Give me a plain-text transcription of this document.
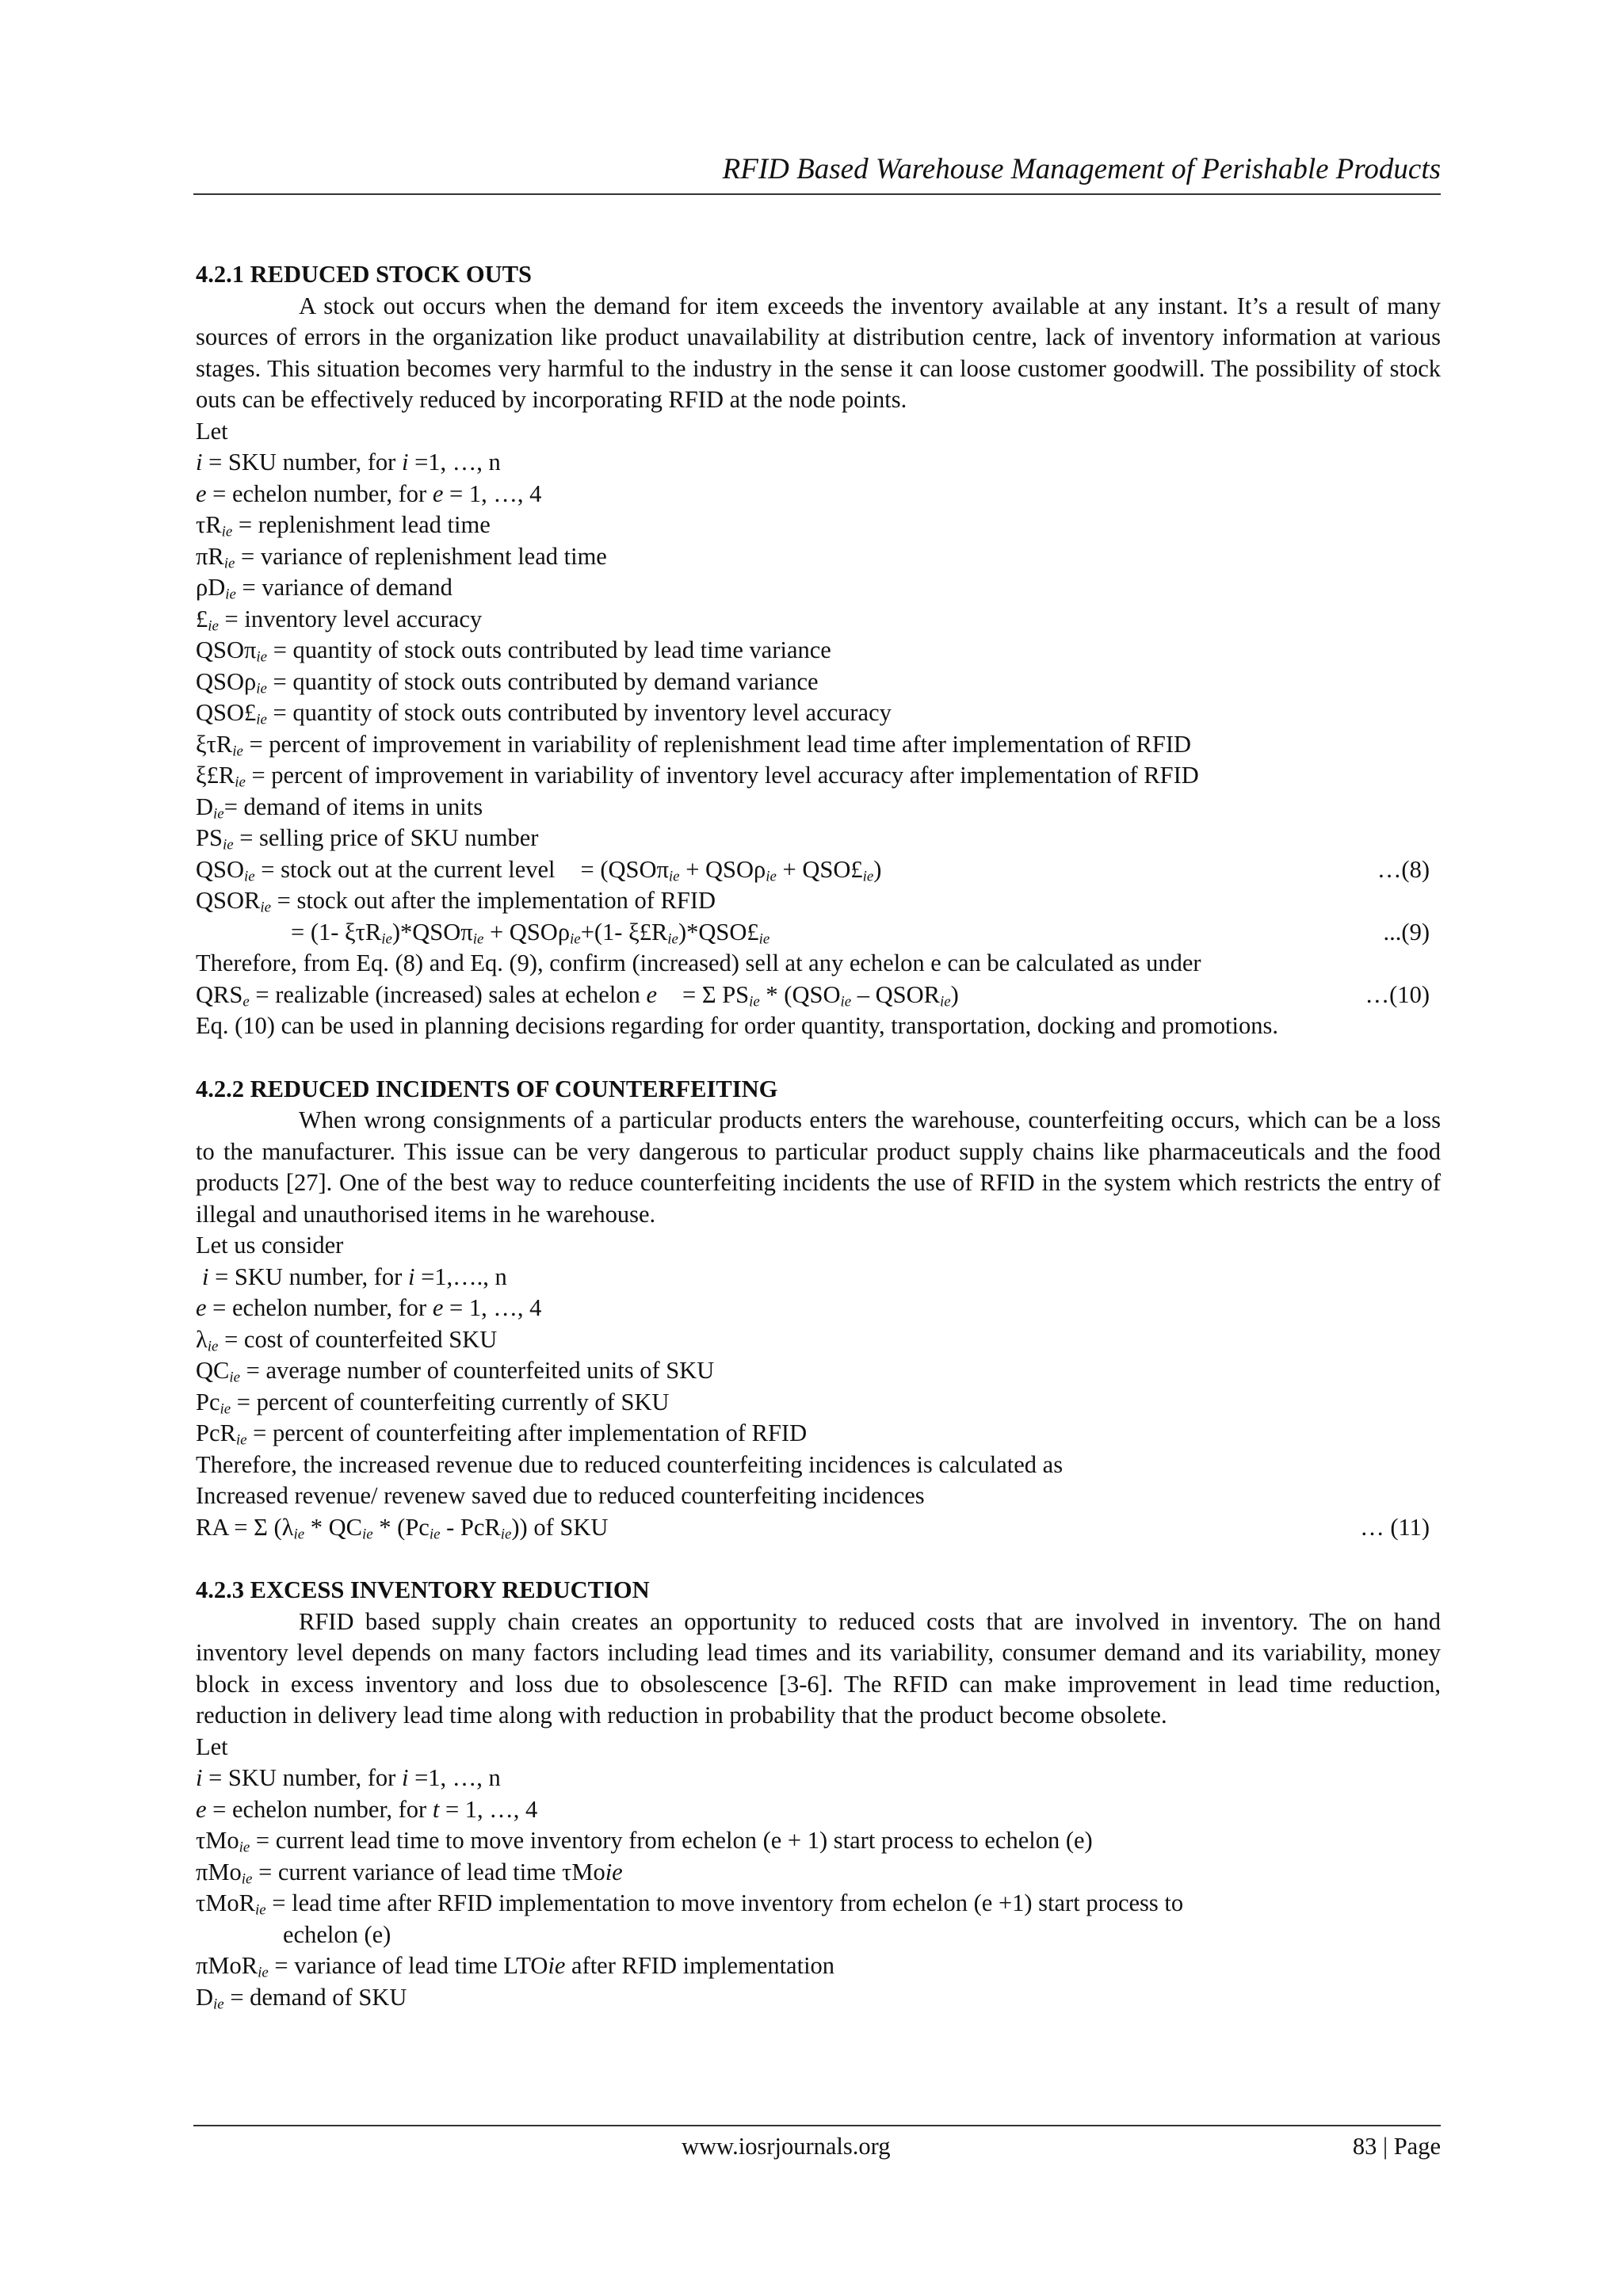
RFID Based Warehouse Management of Perishable Products

4.2.1 REDUCED STOCK OUTS

A stock out occurs when the demand for item exceeds the inventory available at any instant. It’s a result of many sources of errors in the organization like product unavailability at distribution centre, lack of inventory information at various stages. This situation becomes very harmful to the industry in the sense it can loose customer goodwill. The possibility of stock outs can be effectively reduced by incorporating RFID at the node points.

Let

i = SKU number, for i =1, …, n

e = echelon number, for e = 1, …, 4

$\tau R_{ie}$ = replenishment lead time

$\pi R_{ie}$ = variance of replenishment lead time

$\rho D_{ie}$ = variance of demand

$£_{ie}$ = inventory level accuracy

QSOπ$_{ie}$ = quantity of stock outs contributed by lead time variance

QSOρ$_{ie}$ = quantity of stock outs contributed by demand variance

$QSO£_{ie}$ = quantity of stock outs contributed by inventory level accuracy

ξτR$_{ie}$ = percent of improvement in variability of replenishment lead time after implementation of RFID

$\xi£R_{ie}$ = percent of improvement in variability of inventory level accuracy after implementation of RFID

$D_{ie}=$ demand of items in units

$PS_{ie}$ = selling price of SKU number

$QSO_{ie}$ = stock out at the current level = $(QSO\pi_{ie} + QSO\rho_{ie} + QSO£_{ie})$	…(8)

$QSOR_{ie}$ = stock out after the implementation of RFID

= (1- ξτR$_{ie}$)*QSOπ$_{ie}$ + QSOρ$_{ie}$+(1- $\xi£R_{ie})*QSO£_{ie}$	...(9)

Therefore, from Eq. (8) and Eq. (9), confirm (increased) sell at any echelon e can be calculated as under

$QRS_e$ = realizable (increased) sales at echelon e = Σ $PS_{ie} * (QSO_{ie}$ – $QSOR_{ie}$)	…(10)

Eq. (10) can be used in planning decisions regarding for order quantity, transportation, docking and promotions.

4.2.2 REDUCED INCIDENTS OF COUNTERFEITING

When wrong consignments of a particular products enters the warehouse, counterfeiting occurs, which can be a loss to the manufacturer. This issue can be very dangerous to particular product supply chains like pharmaceuticals and the food products [27]. One of the best way to reduce counterfeiting incidents the use of RFID in the system which restricts the entry of illegal and unauthorised items in he warehouse.

Let us consider

i = SKU number, for i =1,…., n

e = echelon number, for e = 1, …, 4

$\lambda_{ie} = \cos t$ of counterfeited SKU

$QC_{ie}$ = average number of counterfeited units of SKU

$Pc_{ie}$ = percent of counterfeiting currently of SKU

PcR$_{ie}$ = percent of counterfeiting after implementation of RFID

Therefore, the increased revenue due to reduced counterfeiting incidences is calculated as

Increased revenue/ revenew saved due to reduced counterfeiting incidences

RA = Σ $(\lambda_{ie} * QC_{ie} * (Pc_{ie} - PcR_{ie}))$ of SKU	… (11)

4.2.3 EXCESS INVENTORY REDUCTION

RFID based supply chain creates an opportunity to reduced costs that are involved in inventory. The on hand inventory level depends on many factors including lead times and its variability, consumer demand and its variability, money block in excess inventory and loss due to obsolescence [3-6]. The RFID can make improvement in lead time reduction, reduction in delivery lead time along with reduction in probability that the product become obsolete.

Let

i = SKU number, for i =1, …, n

e = echelon number, for t = 1, …, 4

τMo$_{ie}$ = current lead time to move inventory from echelon (e + 1) start process to echelon (e)

πMo$_{ie}$ = current variance of lead time τMoie

τMoR$_{ie}$ = lead time after RFID implementation to move inventory from echelon (e +1) start process to

echelon (e)

πMoR$_{ie}$ = variance of lead time LTOie after RFID implementation

$D_{ie}$ = demand of SKU

www.iosrjournals.org	83 | Page
